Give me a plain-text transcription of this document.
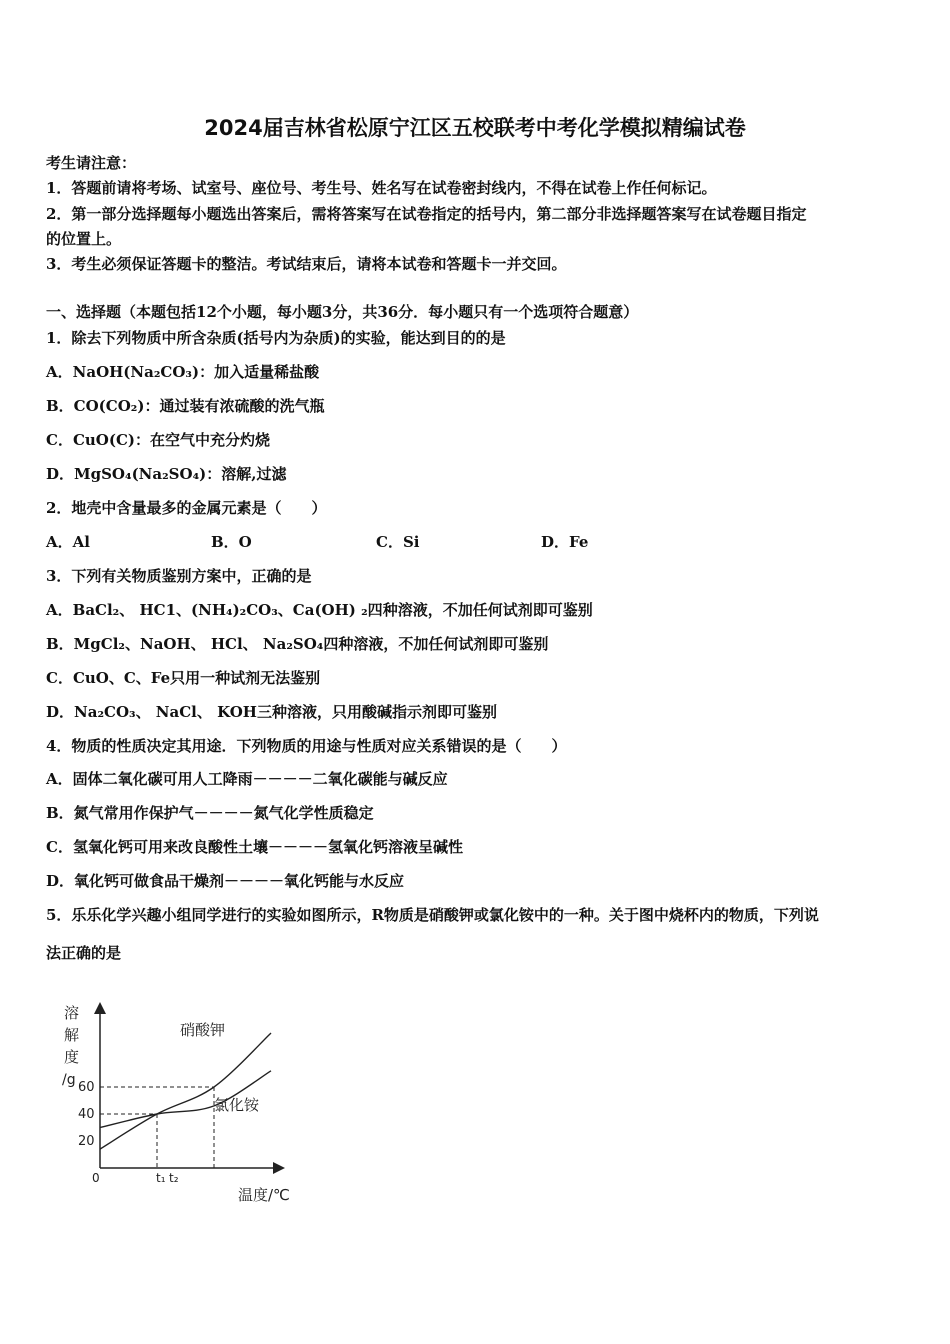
2024届吉林省松原宁江区五校联考中考化学模拟精编试卷
考生请注意：
1．答题前请将考场、试室号、座位号、考生号、姓名写在试卷密封线内，不得在试卷上作任何标记。
2．第一部分选择题每小题选出答案后，需将答案写在试卷指定的括号内，第二部分非选择题答案写在试卷题目指定
的位置上。
3．考生必须保证答题卡的整洁。考试结束后，请将本试卷和答题卡一并交回。
一、选择题（本题包括12个小题，每小题3分，共36分．每小题只有一个选项符合题意）
1．除去下列物质中所含杂质(括号内为杂质)的实验，能达到目的的是
A．NaOH(Na₂CO₃)：加入适量稀盐酸
B．CO(CO₂)：通过装有浓硫酸的洗气瓶
C．CuO(C)：在空气中充分灼烧
D．MgSO₄(Na₂SO₄)：溶解,过滤
2．地壳中含量最多的金属元素是（　　）
A．Al	B．O	C．Si	D．Fe
3．下列有关物质鉴别方案中，正确的是
A．BaCl₂、 HC1、(NH₄)₂CO₃、Ca(OH) ₂四种溶液，不加任何试剂即可鉴别
B．MgCl₂、NaOH、 HCl、 Na₂SO₄四种溶液，不加任何试剂即可鉴别
C．CuO、C、Fe只用一种试剂无法鉴别
D．Na₂CO₃、 NaCl、 KOH三种溶液，只用酸碱指示剂即可鉴别
4．物质的性质决定其用途．下列物质的用途与性质对应关系错误的是（　　）
A．固体二氧化碳可用人工降雨－－－－二氧化碳能与碱反应
B．氮气常用作保护气－－－－氮气化学性质稳定
C．氢氧化钙可用来改良酸性土壤－－－－氢氧化钙溶液呈碱性
D．氧化钙可做食品干燥剂－－－－氧化钙能与水反应
5．乐乐化学兴趣小组同学进行的实验如图所示，R物质是硝酸钾或氯化铵中的一种。关于图中烧杯内的物质，下列说
法正确的是
溶
解
度
/g
0
温度/℃
20
40
60
t₁ t₂
硝酸钾
氯化铵
